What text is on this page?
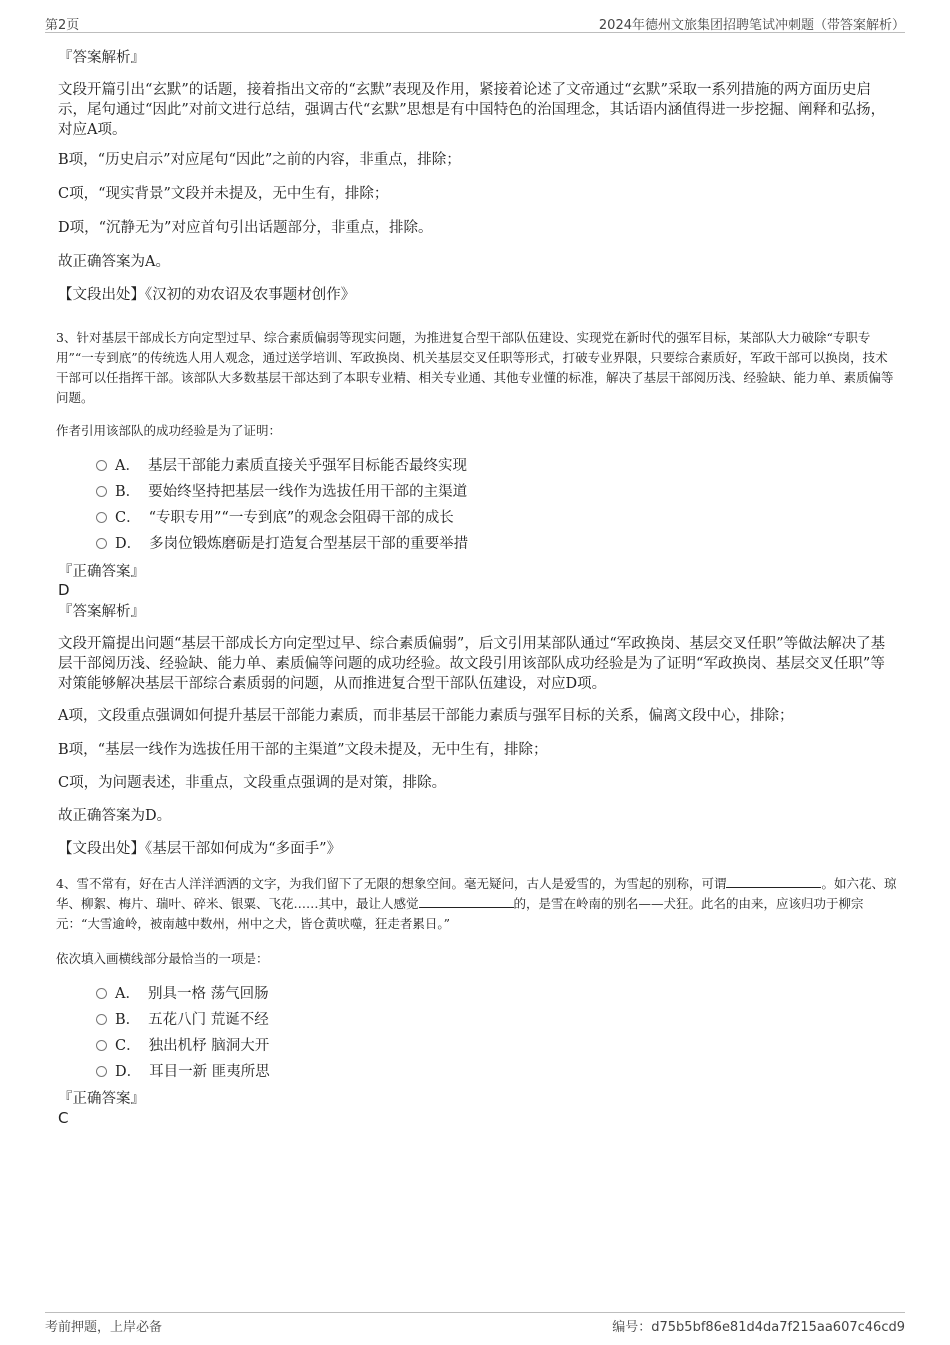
第2页	2024年德州文旅集团招聘笔试冲刺题（带答案解析）
『答案解析』
文段开篇引出“玄默”的话题，接着指出文帝的“玄默”表现及作用，紧接着论述了文帝通过“玄默”采取一系列措施的两方面历史启示，尾句通过“因此”对前文进行总结，强调古代“玄默”思想是有中国特色的治国理念，其话语内涵值得进一步挖掘、阐释和弘扬，对应A项。
B项，“历史启示”对应尾句“因此”之前的内容，非重点，排除；
C项，“现实背景”文段并未提及，无中生有，排除；
D项，“沉静无为”对应首句引出话题部分，非重点，排除。
故正确答案为A。
【文段出处】《汉初的劝农诏及农事题材创作》
3、针对基层干部成长方向定型过早、综合素质偏弱等现实问题，为推进复合型干部队伍建设、实现党在新时代的强军目标，某部队大力破除“专职专用”“一专到底”的传统选人用人观念，通过送学培训、军政换岗、机关基层交叉任职等形式，打破专业界限，只要综合素质好，军政干部可以换岗，技术干部可以任指挥干部。该部队大多数基层干部达到了本职专业精、相关专业通、其他专业懂的标准，解决了基层干部阅历浅、经验缺、能力单、素质偏等问题。
作者引用该部队的成功经验是为了证明：
A． 基层干部能力素质直接关乎强军目标能否最终实现
B． 要始终坚持把基层一线作为选拔任用干部的主渠道
C． “专职专用”“一专到底”的观念会阻碍干部的成长
D． 多岗位锻炼磨砺是打造复合型基层干部的重要举措
『正确答案』
D
『答案解析』
文段开篇提出问题“基层干部成长方向定型过早、综合素质偏弱”，后文引用某部队通过“军政换岗、基层交叉任职”等做法解决了基层干部阅历浅、经验缺、能力单、素质偏等问题的成功经验。故文段引用该部队成功经验是为了证明“军政换岗、基层交叉任职”等对策能够解决基层干部综合素质弱的问题，从而推进复合型干部队伍建设，对应D项。
A项，文段重点强调如何提升基层干部能力素质，而非基层干部能力素质与强军目标的关系，偏离文段中心，排除；
B项，“基层一线作为选拔任用干部的主渠道”文段未提及，无中生有，排除；
C项，为问题表述，非重点，文段重点强调的是对策，排除。
故正确答案为D。
【文段出处】《基层干部如何成为“多面手”》
4、雪不常有，好在古人洋洋洒洒的文字，为我们留下了无限的想象空间。毫无疑问，古人是爱雪的，为雪起的别称，可谓	。如六花、琼华、柳絮、梅片、瑞叶、碎米、银粟、飞花……其中，最让人感觉	的，是雪在岭南的别名——犬狂。此名的由来，应该归功于柳宗元：“大雪逾岭，被南越中数州，州中之犬，皆仓黄吠噬，狂走者累日。”
依次填入画横线部分最恰当的一项是：
A． 别具一格 荡气回肠
B． 五花八门 荒诞不经
C． 独出机杼 脑洞大开
D． 耳目一新 匪夷所思
『正确答案』
C
考前押题，上岸必备	编号：d75b5bf86e81d4da7f215aa607c46cd9
